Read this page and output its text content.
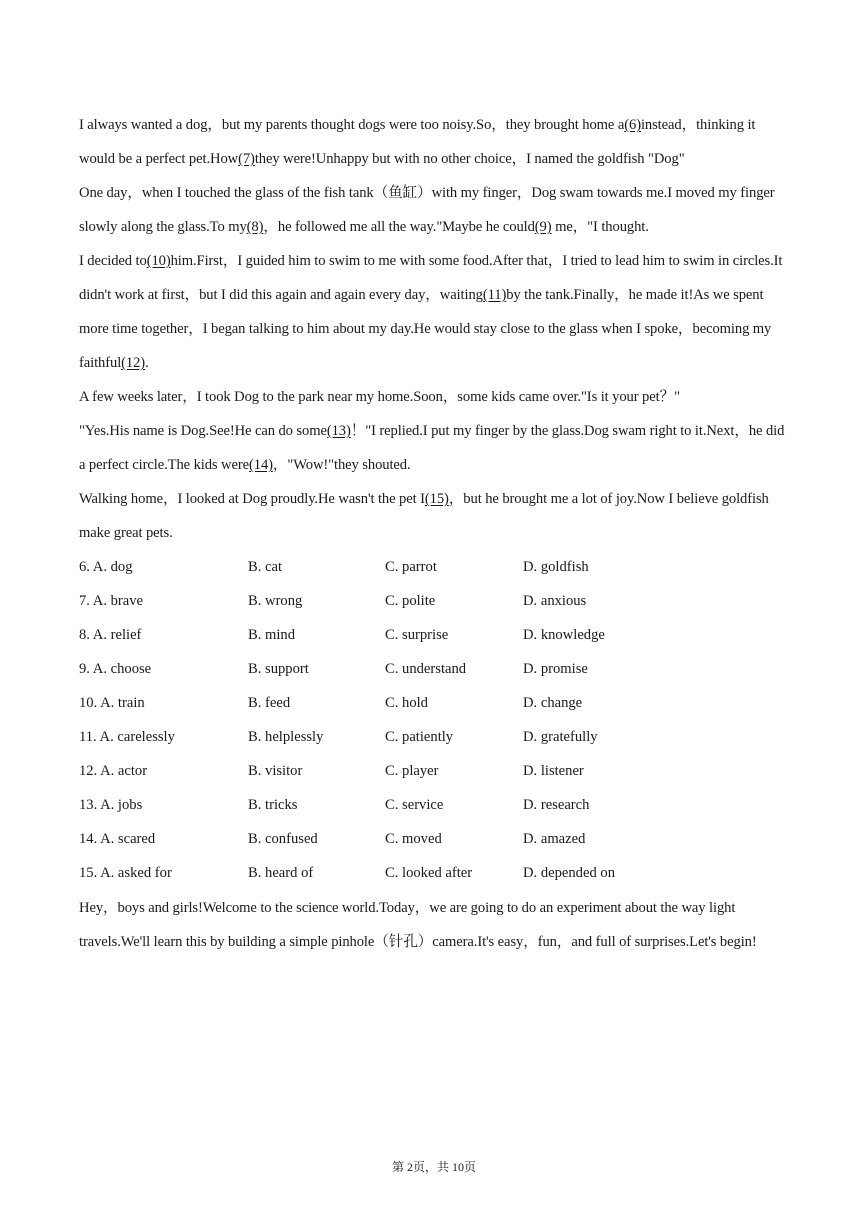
I always wanted a dog，but my parents thought dogs were too noisy.So，they brought home a(6)instead，thinking it would be a perfect pet.How(7)they were!Unhappy but with no other choice，I named the goldfish "Dog"

One day，when I touched the glass of the fish tank（鱼缸）with my finger，Dog swam towards me.I moved my finger slowly along the glass.To my(8)，he followed me all the way."Maybe he could(9) me，"I thought.

I decided to(10)him.First，I guided him to swim to me with some food.After that，I tried to lead him to swim in circles.It didn't work at first，but I did this again and again every day，waiting(11)by the tank.Finally，he made it!As we spent more time together，I began talking to him about my day.He would stay close to the glass when I spoke，becoming my faithful(12).

A few weeks later，I took Dog to the park near my home.Soon，some kids came over."Is it your pet？"

"Yes.His name is Dog.See!He can do some(13)！"I replied.I put my finger by the glass.Dog swam right to it.Next，he did a perfect circle.The kids were(14)，"Wow!"they shouted.

Walking home，I looked at Dog proudly.He wasn't the pet I(15)，but he brought me a lot of joy.Now I believe goldfish make great pets.

6. A. dog	B. cat	C. parrot	D. goldfish
7. A. brave	B. wrong	C. polite	D. anxious
8. A. relief	B. mind	C. surprise	D. knowledge
9. A. choose	B. support	C. understand	D. promise
10. A. train	B. feed	C. hold	D. change
11. A. carelessly	B. helplessly	C. patiently	D. gratefully
12. A. actor	B. visitor	C. player	D. listener
13. A. jobs	B. tricks	C. service	D. research
14. A. scared	B. confused	C. moved	D. amazed
15. A. asked for	B. heard of	C. looked after	D. depended on

Hey，boys and girls!Welcome to the science world.Today，we are going to do an experiment about the way light travels.We'll learn this by building a simple pinhole（针孔）camera.It's easy，fun，and full of surprises.Let's begin!

第 2页，共 10页
